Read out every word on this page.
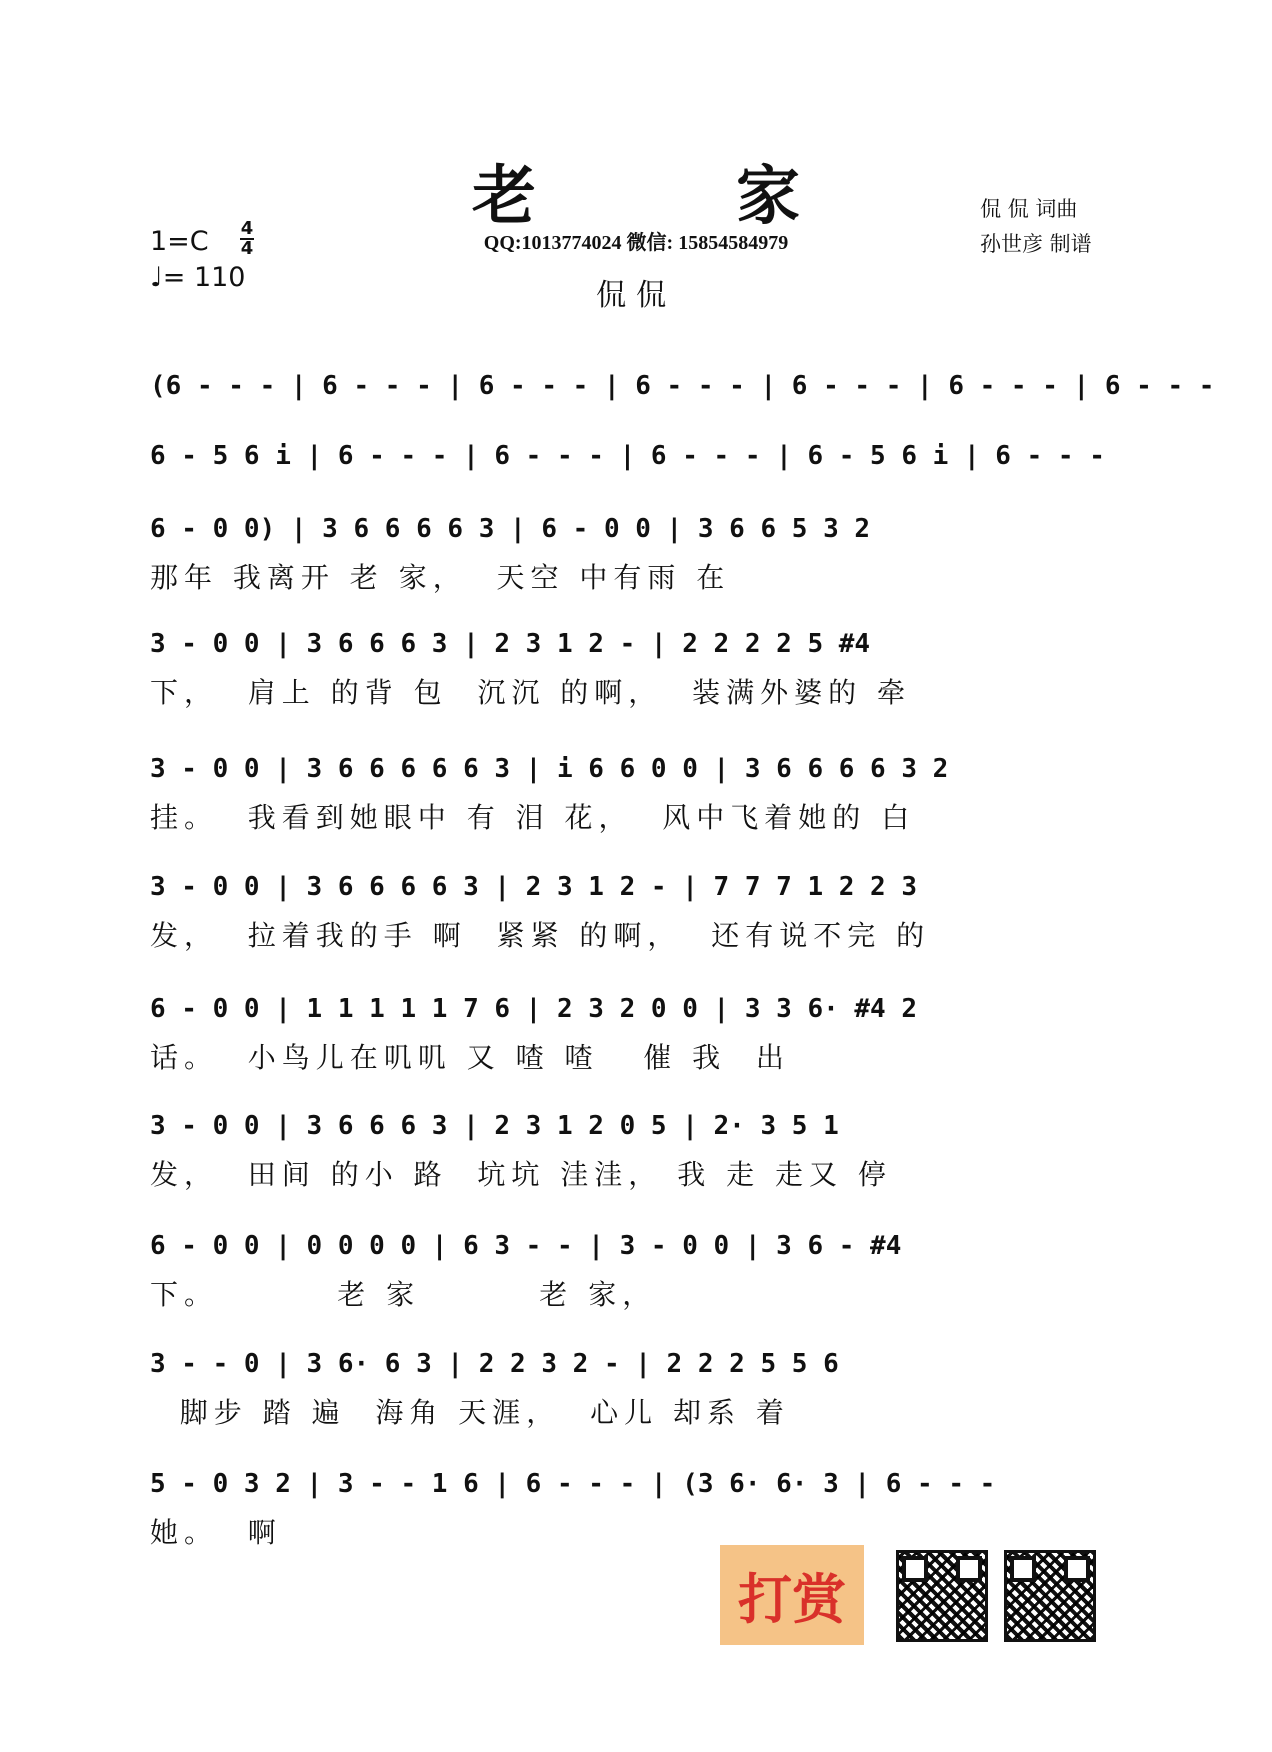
老家
QQ:1013774024 微信: 15854584979
侃侃
侃 侃 词曲
孙世彦 制谱
1=C 4
4
♩= 110
(6 - - - | 6 - - - | 6 - - - | 6 - - - | 6 - - - | 6 - - - | 6 - - -
6 - 5 6 i | 6 - - - | 6 - - - | 6 - - - | 6 - 5 6 i | 6 - - -
6 - 0 0) | 3 6 6 6 6 3 | 6 - 0 0 | 3 6 6 5 3 2
那年 我离开 老 家，  天空 中有雨 在
3 - 0 0 | 3 6 6 6 3 | 2 3 1 2 - | 2 2 2 2 5 #4
下，  肩上 的背 包  沉沉 的啊，  装满外婆的 牵
3 - 0 0 | 3 6 6 6 6 6 3 | i 6 6 0 0 | 3 6 6 6 6 3 2
挂。  我看到她眼中 有 泪 花，  风中飞着她的 白
3 - 0 0 | 3 6 6 6 6 3 | 2 3 1 2 - | 7 7 7 1 2 2 3
发，  拉着我的手 啊  紧紧 的啊，  还有说不完 的
6 - 0 0 | 1 1 1 1 1 7 6 | 2 3 2 0 0 | 3 3 6· #4 2
话。  小鸟儿在叽叽 又 喳 喳   催 我  出
3 - 0 0 | 3 6 6 6 3 | 2 3 1 2 0 5 | 2· 3 5 1
发，  田间 的小 路  坑坑 洼洼， 我 走 走又 停
6 - 0 0 | 0 0 0 0 | 6 3 - - | 3 - 0 0 | 3 6 - #4
下。        老 家        老 家，
3 - - 0 | 3 6· 6 3 | 2 2 3 2 - | 2 2 2 5 5 6
脚步 踏 遍  海角 天涯，  心儿 却系 着
5 - 0 3 2 | 3 - - 1 6 | 6 - - - | (3 6· 6· 3 | 6 - - -
她。  啊
打赏
